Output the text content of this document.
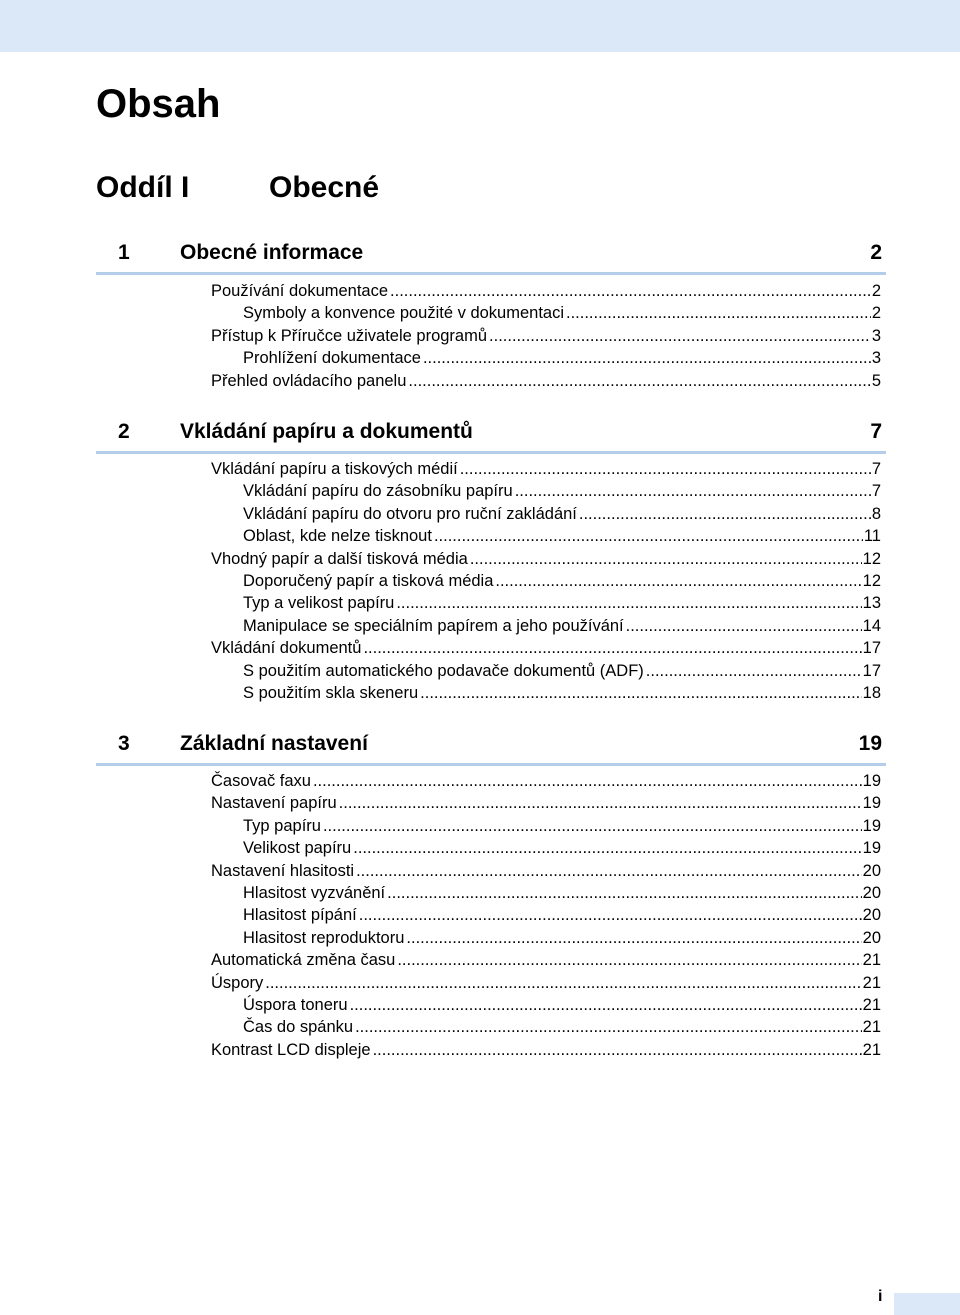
Obsah
Oddíl I	Obecné
1 Obecné informace	2
Používání dokumentace .....	2
Symboly a konvence použité v dokumentaci .....	2
Přístup k Příručce uživatele programů .....	3
Prohlížení dokumentace .....	3
Přehled ovládacího panelu .....	5
2 Vkládání papíru a dokumentů	7
Vkládání papíru a tiskových médií .....	7
Vkládání papíru do zásobníku papíru .....	7
Vkládání papíru do otvoru pro ruční zakládání .....	8
Oblast, kde nelze tisknout .....	11
Vhodný papír a další tisková média .....	12
Doporučený papír a tisková média .....	12
Typ a velikost papíru .....	13
Manipulace se speciálním papírem a jeho používání .....	14
Vkládání dokumentů .....	17
S použitím automatického podavače dokumentů (ADF) .....	17
S použitím skla skeneru .....	18
3 Základní nastavení	19
Časovač faxu .....	19
Nastavení papíru .....	19
Typ papíru .....	19
Velikost papíru .....	19
Nastavení hlasitosti .....	20
Hlasitost vyzvánění .....	20
Hlasitost pípání .....	20
Hlasitost reproduktoru .....	20
Automatická změna času .....	21
Úspory .....	21
Úspora toneru .....	21
Čas do spánku .....	21
Kontrast LCD displeje .....	21
i
